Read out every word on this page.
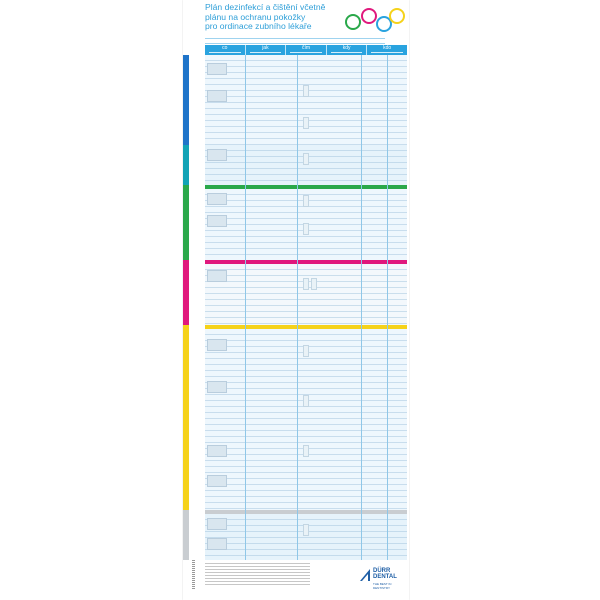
Plán dezinfekcí a čištění včetně
plánu na ochranu pokožky
pro ordinace zubního lékaře
co	jak	čím	kdy	kdo
DÜRR
DENTAL
THE BEST IN DENTISTRY
